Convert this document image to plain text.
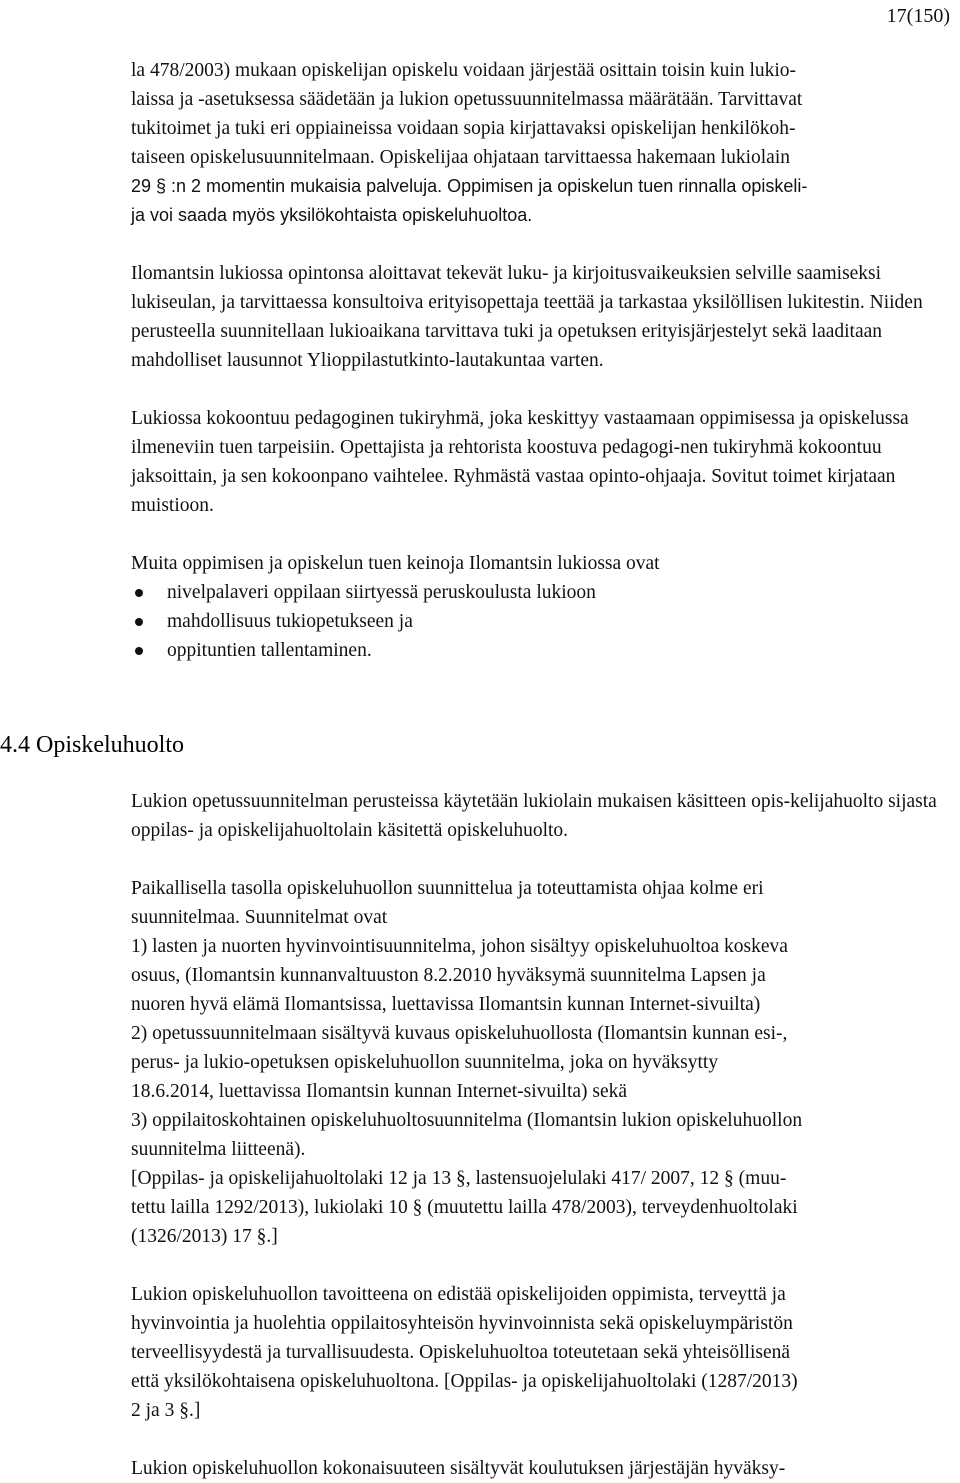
17(150)

la 478/2003) mukaan opiskelijan opiskelu voidaan järjestää osittain toisin kuin lukio-

laissa ja -asetuksessa säädetään ja lukion opetussuunnitelmassa määrätään. Tarvittavat

tukitoimet ja tuki eri oppiaineissa voidaan sopia kirjattavaksi opiskelijan henkilökoh-

taiseen opiskelusuunnitelmaan. Opiskelijaa ohjataan tarvittaessa hakemaan lukiolain

29 § :n 2 momentin mukaisia palveluja. Oppimisen ja opiskelun tuen rinnalla opiskeli-

ja voi saada myös yksilökohtaista opiskeluhuoltoa.

Ilomantsin lukiossa opintonsa aloittavat tekevät luku- ja kirjoitusvaikeuksien selville saamiseksi lukiseulan, ja tarvittaessa konsultoiva erityisopettaja teettää ja tarkastaa yksilöllisen lukitestin. Niiden perusteella suunnitellaan lukioaikana tarvittava tuki ja opetuksen erityisjärjestelyt sekä laaditaan mahdolliset lausunnot Ylioppilastutkinto-lautakuntaa varten.

Lukiossa kokoontuu pedagoginen tukiryhmä, joka keskittyy vastaamaan oppimisessa ja opiskelussa ilmeneviin tuen tarpeisiin. Opettajista ja rehtorista koostuva pedagogi-nen tukiryhmä kokoontuu jaksoittain, ja sen kokoonpano vaihtelee. Ryhmästä vastaa opinto-ohjaaja. Sovitut toimet kirjataan muistioon.

Muita oppimisen ja opiskelun tuen keinoja Ilomantsin lukiossa ovat

nivelpalaveri oppilaan siirtyessä peruskoulusta lukioon
mahdollisuus tukiopetukseen ja
oppituntien tallentaminen.
4.4 Opiskeluhuolto

Lukion opetussuunnitelman perusteissa käytetään lukiolain mukaisen käsitteen opis-kelijahuolto sijasta oppilas- ja opiskelijahuoltolain käsitettä opiskeluhuolto.

Paikallisella tasolla opiskeluhuollon suunnittelua ja toteuttamista ohjaa kolme eri

suunnitelmaa. Suunnitelmat ovat

1) lasten ja nuorten hyvinvointisuunnitelma, johon sisältyy opiskeluhuoltoa koskeva

osuus, (Ilomantsin kunnanvaltuuston 8.2.2010 hyväksymä suunnitelma Lapsen ja

nuoren hyvä elämä Ilomantsissa, luettavissa Ilomantsin kunnan Internet-sivuilta)

2) opetussuunnitelmaan sisältyvä kuvaus opiskeluhuollosta (Ilomantsin kunnan esi-,

perus- ja lukio-opetuksen opiskeluhuollon suunnitelma, joka on hyväksytty

18.6.2014, luettavissa Ilomantsin kunnan Internet-sivuilta) sekä

3) oppilaitoskohtainen opiskeluhuoltosuunnitelma (Ilomantsin lukion opiskeluhuollon

suunnitelma liitteenä).

[Oppilas- ja opiskelijahuoltolaki 12 ja 13 §, lastensuojelulaki 417/ 2007, 12 § (muu-

tettu lailla 1292/2013), lukiolaki 10 § (muutettu lailla 478/2003), terveydenhuoltolaki

(1326/2013) 17 §.]

Lukion opiskeluhuollon tavoitteena on edistää opiskelijoiden oppimista, terveyttä ja

hyvinvointia ja huolehtia oppilaitosyhteisön hyvinvoinnista sekä opiskeluympäristön

terveellisyydestä ja turvallisuudesta. Opiskeluhuoltoa toteutetaan sekä yhteisöllisenä

että yksilökohtaisena opiskeluhuoltona. [Oppilas- ja opiskelijahuoltolaki (1287/2013)

2 ja 3 §.]

Lukion opiskeluhuollon kokonaisuuteen sisältyvät koulutuksen järjestäjän hyväksy-
